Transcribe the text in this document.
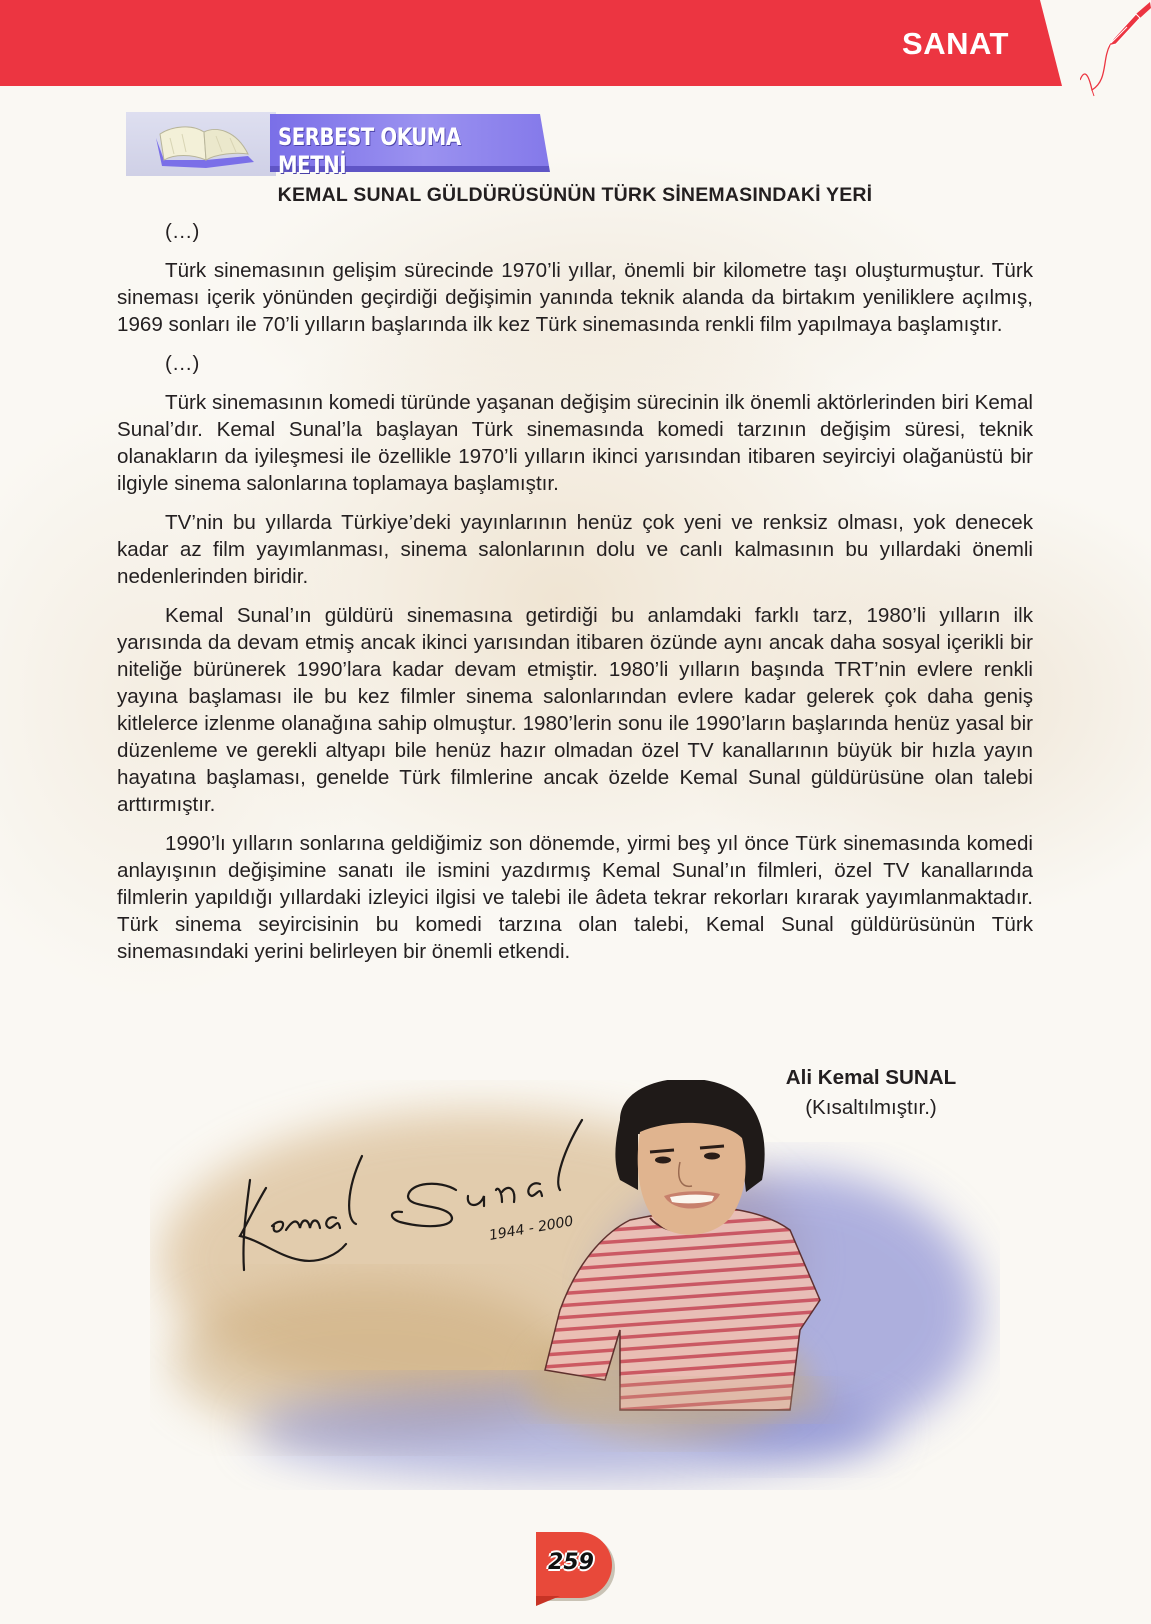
SANAT
SERBEST OKUMA METNİ
KEMAL SUNAL GÜLDÜRÜSÜNÜN TÜRK SİNEMASINDAKİ YERİ

(…)

Türk sinemasının gelişim sürecinde 1970’li yıllar, önemli bir kilometre taşı oluşturmuştur. Türk sineması içerik yönünden geçirdiği değişimin yanında teknik alanda da birtakım yeniliklere açılmış, 1969 sonları ile 70’li yılların başlarında ilk kez Türk sinemasında renkli film yapılmaya başlamıştır.

(…)

Türk sinemasının komedi türünde yaşanan değişim sürecinin ilk önemli aktörlerinden biri Kemal Sunal’dır. Kemal Sunal’la başlayan Türk sinemasında komedi tarzının değişim süresi, teknik olanakların da iyileşmesi ile özellikle 1970’li yılların ikinci yarısından itibaren seyirciyi olağanüstü bir ilgiyle sinema salonlarına toplamaya başlamıştır.

TV’nin bu yıllarda Türkiye’deki yayınlarının henüz çok yeni ve renksiz olması, yok denecek kadar az film yayımlanması, sinema salonlarının dolu ve canlı kalmasının bu yıllardaki önemli nedenlerinden biridir.

Kemal Sunal’ın güldürü sinemasına getirdiği bu anlamdaki farklı tarz, 1980’li yılların ilk yarısında da devam etmiş ancak ikinci yarısından itibaren özünde aynı ancak daha sosyal içerikli bir niteliğe bürünerek 1990’lara kadar devam etmiştir. 1980’li yılların başında TRT’nin evlere renkli yayına başlaması ile bu kez filmler sinema salonlarından evlere kadar gelerek çok daha geniş kitlelerce izlenme olanağına sahip olmuştur. 1980’lerin sonu ile 1990’ların başlarında henüz yasal bir düzenleme ve gerekli altyapı bile henüz hazır olmadan özel TV kanallarının büyük bir hızla yayın hayatına başlaması, genelde Türk filmlerine ancak özelde Kemal Sunal güldürüsüne olan talebi arttırmıştır.

1990’lı yılların sonlarına geldiğimiz son dönemde, yirmi beş yıl önce Türk sinemasında komedi anlayışının değişimine sanatı ile ismini yazdırmış Kemal Sunal’ın filmleri, özel TV kanallarında filmlerin yapıldığı yıllardaki izleyici ilgisi ve talebi ile âdeta tekrar rekorları kırarak yayımlanmaktadır. Türk sinema seyircisinin bu komedi tarzına olan talebi, Kemal Sunal güldürüsünün Türk sinemasındaki yerini belirleyen bir önemli etkendi.

Ali Kemal SUNAL
(Kısaltılmıştır.)
1944 - 2000
259
